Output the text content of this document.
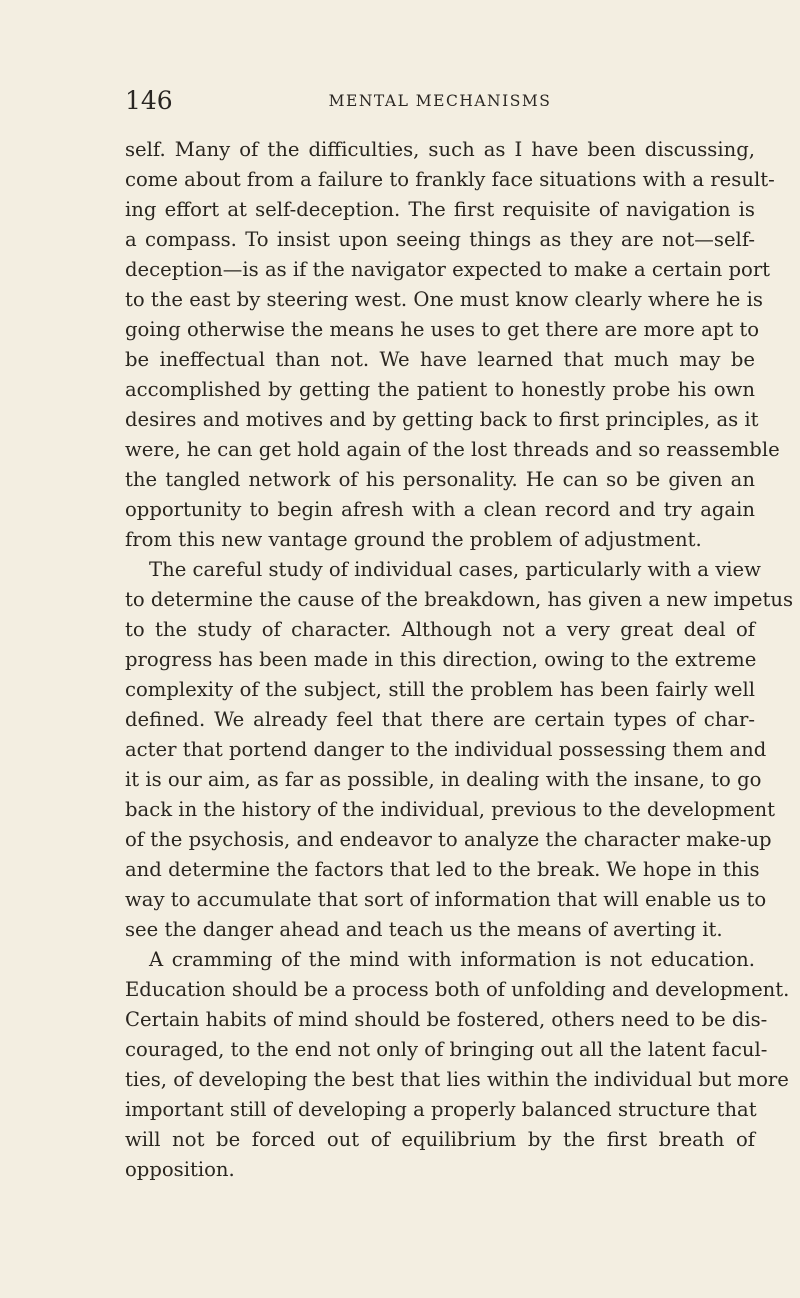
146	MENTAL MECHANISMS
self. Many of the difficulties, such as I have been discussing,
come about from a failure to frankly face situations with a result-
ing effort at self-deception. The first requisite of navigation is
a compass. To insist upon seeing things as they are not—self-
deception—is as if the navigator expected to make a certain port
to the east by steering west. One must know clearly where he is
going otherwise the means he uses to get there are more apt to
be ineffectual than not. We have learned that much may be
accomplished by getting the patient to honestly probe his own
desires and motives and by getting back to first principles, as it
were, he can get hold again of the lost threads and so reassemble
the tangled network of his personality. He can so be given an
opportunity to begin afresh with a clean record and try again
from this new vantage ground the problem of adjustment.
The careful study of individual cases, particularly with a view
to determine the cause of the breakdown, has given a new impetus
to the study of character. Although not a very great deal of
progress has been made in this direction, owing to the extreme
complexity of the subject, still the problem has been fairly well
defined. We already feel that there are certain types of char-
acter that portend danger to the individual possessing them and
it is our aim, as far as possible, in dealing with the insane, to go
back in the history of the individual, previous to the development
of the psychosis, and endeavor to analyze the character make-up
and determine the factors that led to the break. We hope in this
way to accumulate that sort of information that will enable us to
see the danger ahead and teach us the means of averting it.
A cramming of the mind with information is not education.
Education should be a process both of unfolding and development.
Certain habits of mind should be fostered, others need to be dis-
couraged, to the end not only of bringing out all the latent facul-
ties, of developing the best that lies within the individual but more
important still of developing a properly balanced structure that
will not be forced out of equilibrium by the first breath of
opposition.
